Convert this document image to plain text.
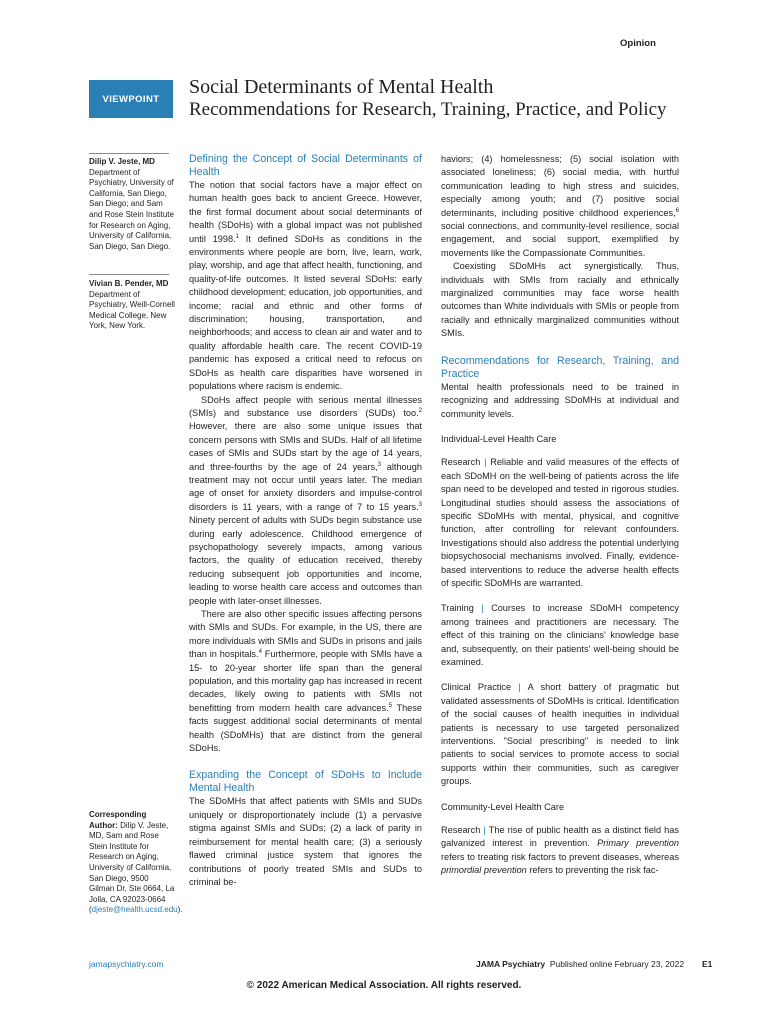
Opinion
VIEWPOINT
Social Determinants of Mental Health
Recommendations for Research, Training, Practice, and Policy
Dilip V. Jeste, MD
Department of Psychiatry, University of California, San Diego, San Diego; and Sam and Rose Stein Institute for Research on Aging, University of California, San Diego, San Diego.
Vivian B. Pender, MD
Department of Psychiatry, Weill-Cornell Medical College, New York, New York.
Corresponding Author: Dilip V. Jeste, MD, Sam and Rose Stein Institute for Research on Aging, University of California, San Diego, 9500 Gilman Dr, Ste 0664, La Jolla, CA 92023-0664 (djeste@health.ucsd.edu).
Defining the Concept of Social Determinants of Health

The notion that social factors have a major effect on human health goes back to ancient Greece. However, the first formal document about social determinants of health (SDoHs) with a global impact was not published until 1998.$^1$ It defined SDoHs as conditions in the environments where people are born, live, learn, work, play, worship, and age that affect health, functioning, and quality-of-life outcomes. It listed several SDoHs: early childhood development; education, job opportunities, and income; racial and ethnic and other forms of discrimination; housing, transportation, and neighborhoods; and access to clean air and water and to quality affordable health care. The recent COVID-19 pandemic has exposed a critical need to refocus on SDoHs as health care disparities have worsened in populations where racism is endemic.

SDoHs affect people with serious mental illnesses (SMIs) and substance use disorders (SUDs) too.$^2$ However, there are also some unique issues that concern persons with SMIs and SUDs. Half of all lifetime cases of SMIs and SUDs start by the age of 14 years, and three-fourths by the age of 24 years,$^3$ although treatment may not occur until years later. The median age of onset for anxiety disorders and impulse-control disorders is 11 years, with a range of 7 to 15 years.$^3$ Ninety percent of adults with SUDs begin substance use during early adolescence. Childhood emergence of psychopathology severely impacts, among various factors, the quality of education received, thereby reducing subsequent job opportunities and income, leading to worse health care access and outcomes than people with later-onset illnesses.

There are also other specific issues affecting persons with SMIs and SUDs. For example, in the US, there are more individuals with SMIs and SUDs in prisons and jails than in hospitals.$^4$ Furthermore, people with SMIs have a 15- to 20-year shorter life span than the general population, and this mortality gap has increased in recent decades, likely owing to patients with SMIs not benefitting from modern health care advances.$^5$ These facts suggest additional social determinants of mental health (SDoMHs) that are distinct from the general SDoHs.

Expanding the Concept of SDoHs to Include Mental Health

The SDoMHs that affect patients with SMIs and SUDs uniquely or disproportionately include (1) a pervasive stigma against SMIs and SUDs; (2) a lack of parity in reimbursement for mental health care; (3) a seriously flawed criminal justice system that ignores the contributions of poorly treated SMIs and SUDs to criminal be-

haviors; (4) homelessness; (5) social isolation with associated loneliness; (6) social media, with hurtful communication leading to high stress and suicides, especially among youth; and (7) positive social determinants, including positive childhood experiences,$^6$ social connections, and community-level resilience, social engagement, and social support, exemplified by movements like the Compassionate Communities.

Coexisting SDoMHs act synergistically. Thus, individuals with SMIs from racially and ethnically marginalized communities may face worse health outcomes than White individuals with SMIs or people from racially and ethnically marginalized communities without SMIs.

Recommendations for Research, Training, and Practice

Mental health professionals need to be trained in recognizing and addressing SDoMHs at individual and community levels.

Individual-Level Health Care

Research | Reliable and valid measures of the effects of each SDoMH on the well-being of patients across the life span need to be developed and tested in rigorous studies. Longitudinal studies should assess the associations of specific SDoMHs with mental, physical, and cognitive function, after controlling for relevant confounders. Investigations should also address the potential underlying biopsychosocial mechanisms involved. Finally, evidence-based interventions to reduce the adverse health effects of specific SDoMHs are warranted.

Training | Courses to increase SDoMH competency among trainees and practitioners are necessary. The effect of this training on the clinicians' knowledge base and, subsequently, on their patients' well-being should be examined.

Clinical Practice | A short battery of pragmatic but validated assessments of SDoMHs is critical. Identification of the social causes of health inequities in individual patients is necessary to use targeted personalized interventions. "Social prescribing" is needed to link patients to social services to promote access to social supports within their communities, such as caregiver groups.

Community-Level Health Care

Research | The rise of public health as a distinct field has galvanized interest in prevention. Primary prevention refers to treating risk factors to prevent diseases, whereas primordial prevention refers to preventing the risk fac-

jamapsychiatry.com	JAMA Psychiatry Published online February 23, 2022 E1
© 2022 American Medical Association. All rights reserved.
